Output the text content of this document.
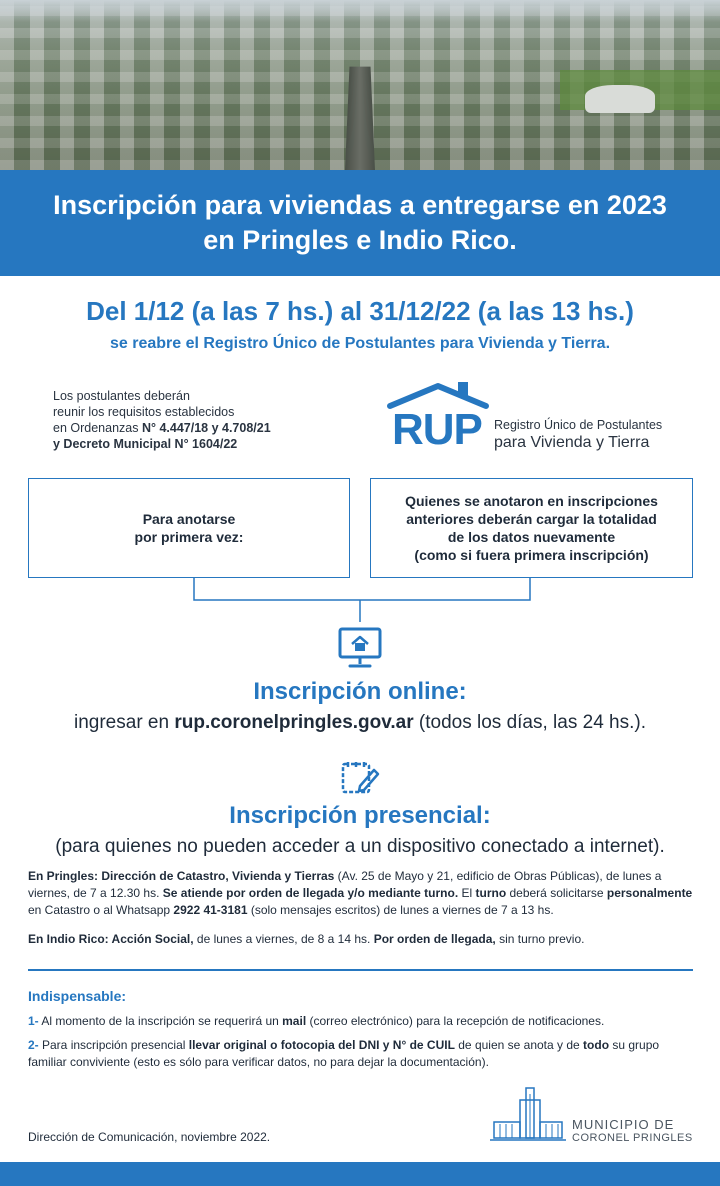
Inscripción para viviendas a entregarse en 2023
en Pringles e Indio Rico.
Del 1/12 (a las 7 hs.) al 31/12/22 (a las 13 hs.)
se reabre el Registro Único de Postulantes para Vivienda y Tierra.
Los postulantes deberán
reunir los requisitos establecidos
en Ordenanzas N° 4.447/18 y 4.708/21
y Decreto Municipal N° 1604/22	RUP Registro Único de Postulantes
para Vivienda y Tierra
Para anotarse
por primera vez:
Quienes se anotaron en inscripciones
anteriores deberán cargar la totalidad
de los datos nuevamente
(como si fuera primera inscripción)
Inscripción online:
ingresar en rup.coronelpringles.gov.ar (todos los días, las 24 hs.).
Inscripción presencial:
(para quienes no pueden acceder a un dispositivo conectado a internet).

En Pringles: Dirección de Catastro, Vivienda y Tierras (Av. 25 de Mayo y 21, edificio de Obras Públicas), de lunes a viernes, de 7 a 12.30 hs. Se atiende por orden de llegada y/o mediante turno. El turno deberá solicitarse personalmente en Catastro o al Whatsapp 2922 41-3181 (solo mensajes escritos) de lunes a viernes de 7 a 13 hs.

En Indio Rico: Acción Social, de lunes a viernes, de 8 a 14 hs. Por orden de llegada, sin turno previo.

Indispensable:

1- Al momento de la inscripción se requerirá un mail (correo electrónico) para la recepción de notificaciones.

2- Para inscripción presencial llevar original o fotocopia del DNI y N° de CUIL de quien se anota y de todo su grupo familiar conviviente (esto es sólo para verificar datos, no para dejar la documentación).

Dirección de Comunicación, noviembre 2022.
MUNICIPIO DE
CORONEL PRINGLES
